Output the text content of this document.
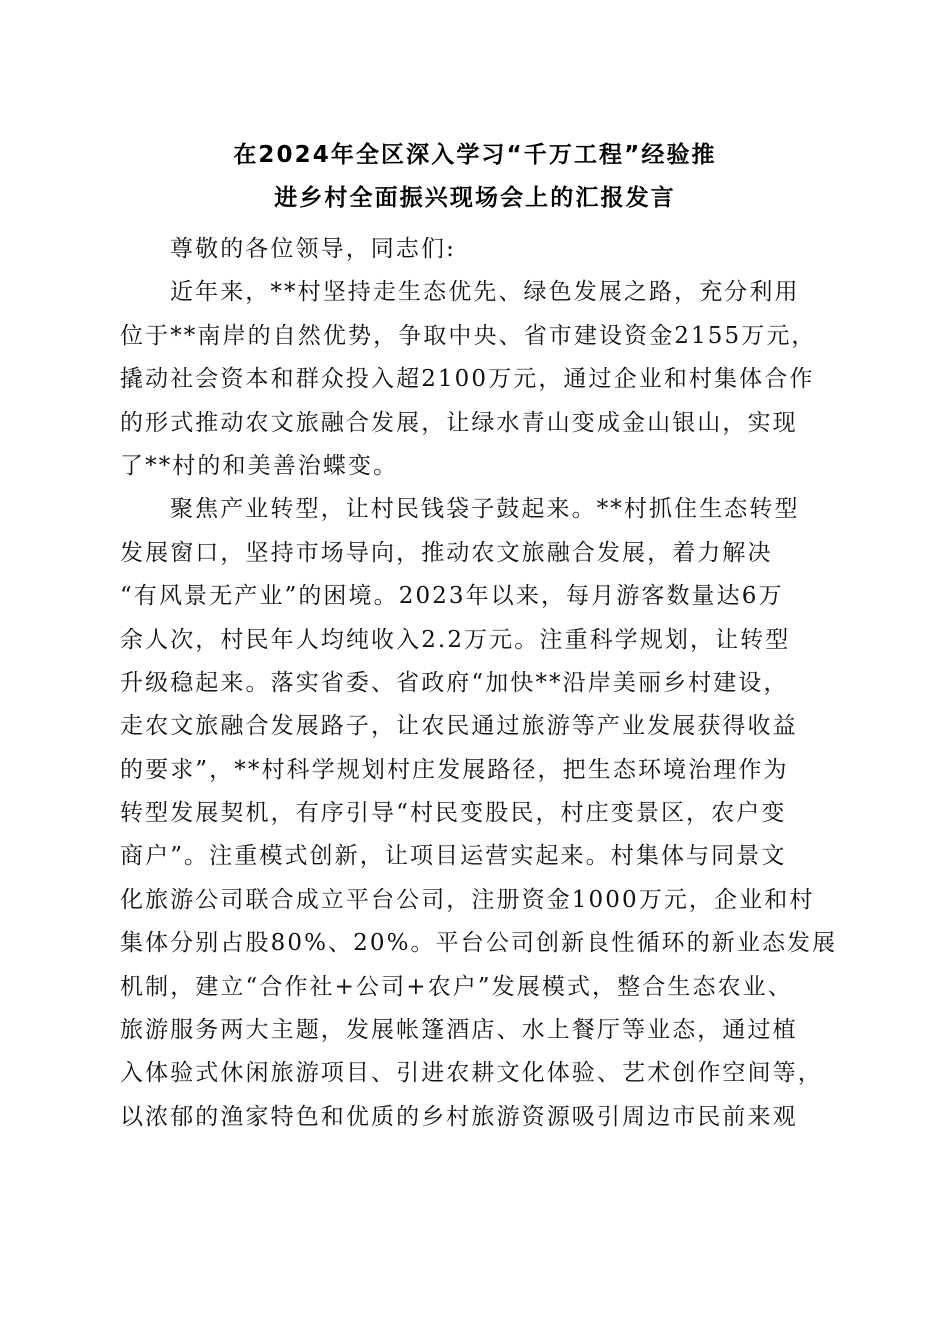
在2024年全区深入学习“千万工程”经验推
进乡村全面振兴现场会上的汇报发言
尊敬的各位领导，同志们:
近年来，**村坚持走生态优先、绿色发展之路，充分利用
位于**南岸的自然优势，争取中央、省市建设资金2155万元，
撬动社会资本和群众投入超2100万元，通过企业和村集体合作
的形式推动农文旅融合发展，让绿水青山变成金山银山，实现
了**村的和美善治蝶变。
聚焦产业转型，让村民钱袋子鼓起来。**村抓住生态转型
发展窗口，坚持市场导向，推动农文旅融合发展，着力解决
“有风景无产业”的困境。2023年以来，每月游客数量达6万
余人次，村民年人均纯收入2.2万元。注重科学规划，让转型
升级稳起来。落实省委、省政府“加快**沿岸美丽乡村建设，
走农文旅融合发展路子，让农民通过旅游等产业发展获得收益
的要求”，**村科学规划村庄发展路径，把生态环境治理作为
转型发展契机，有序引导“村民变股民，村庄变景区，农户变
商户”。注重模式创新，让项目运营实起来。村集体与同景文
化旅游公司联合成立平台公司，注册资金1000万元，企业和村
集体分别占股80%、20%。平台公司创新良性循环的新业态发展
机制，建立“合作社+公司+农户”发展模式，整合生态农业、
旅游服务两大主题，发展帐篷酒店、水上餐厅等业态，通过植
入体验式休闲旅游项目、引进农耕文化体验、艺术创作空间等，
以浓郁的渔家特色和优质的乡村旅游资源吸引周边市民前来观
